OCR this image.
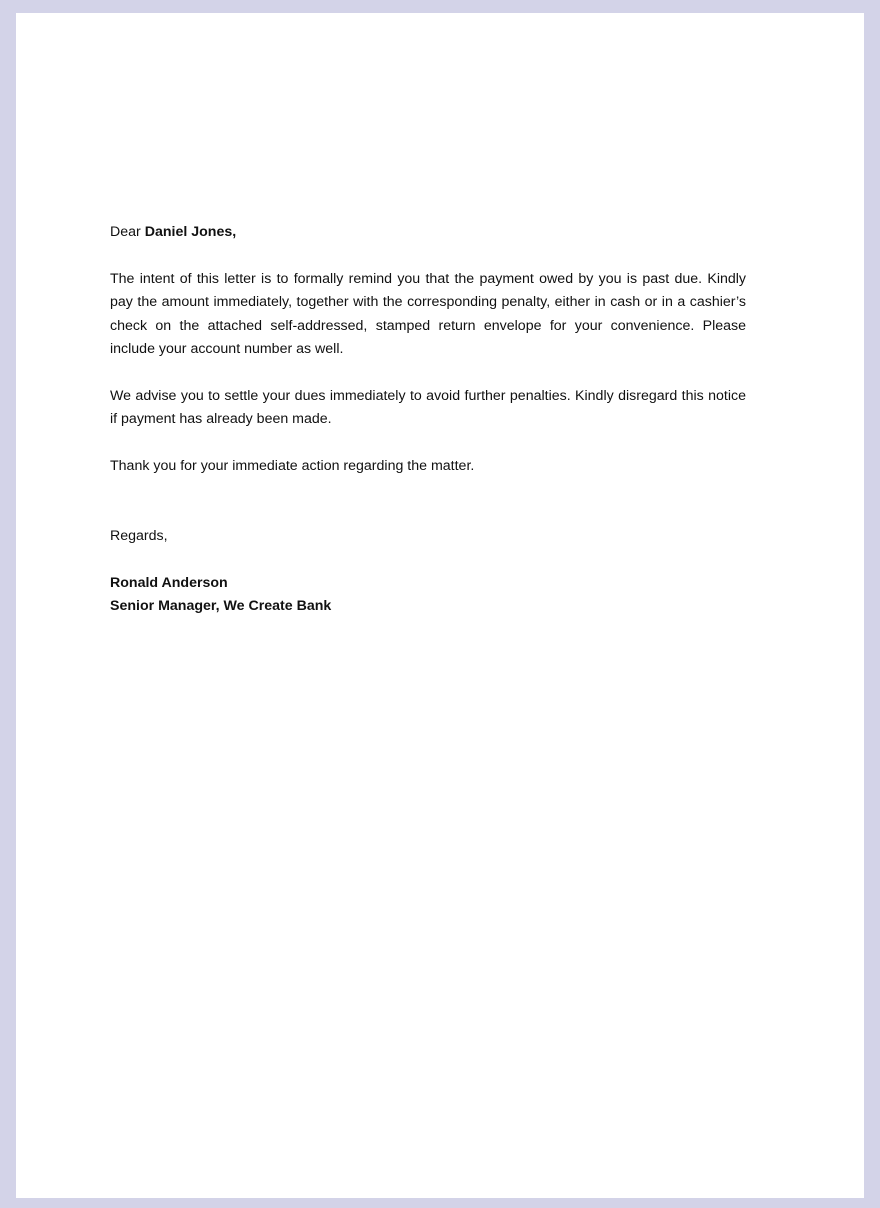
Dear Daniel Jones,

The intent of this letter is to formally remind you that the payment owed by you is past due. Kindly pay the amount immediately, together with the corresponding penalty, either in cash or in a cashier’s check on the attached self-addressed, stamped return envelope for your convenience. Please include your account number as well.

We advise you to settle your dues immediately to avoid further penalties. Kindly disregard this notice if payment has already been made.

Thank you for your immediate action regarding the matter.

Regards,

Ronald Anderson

Senior Manager, We Create Bank
